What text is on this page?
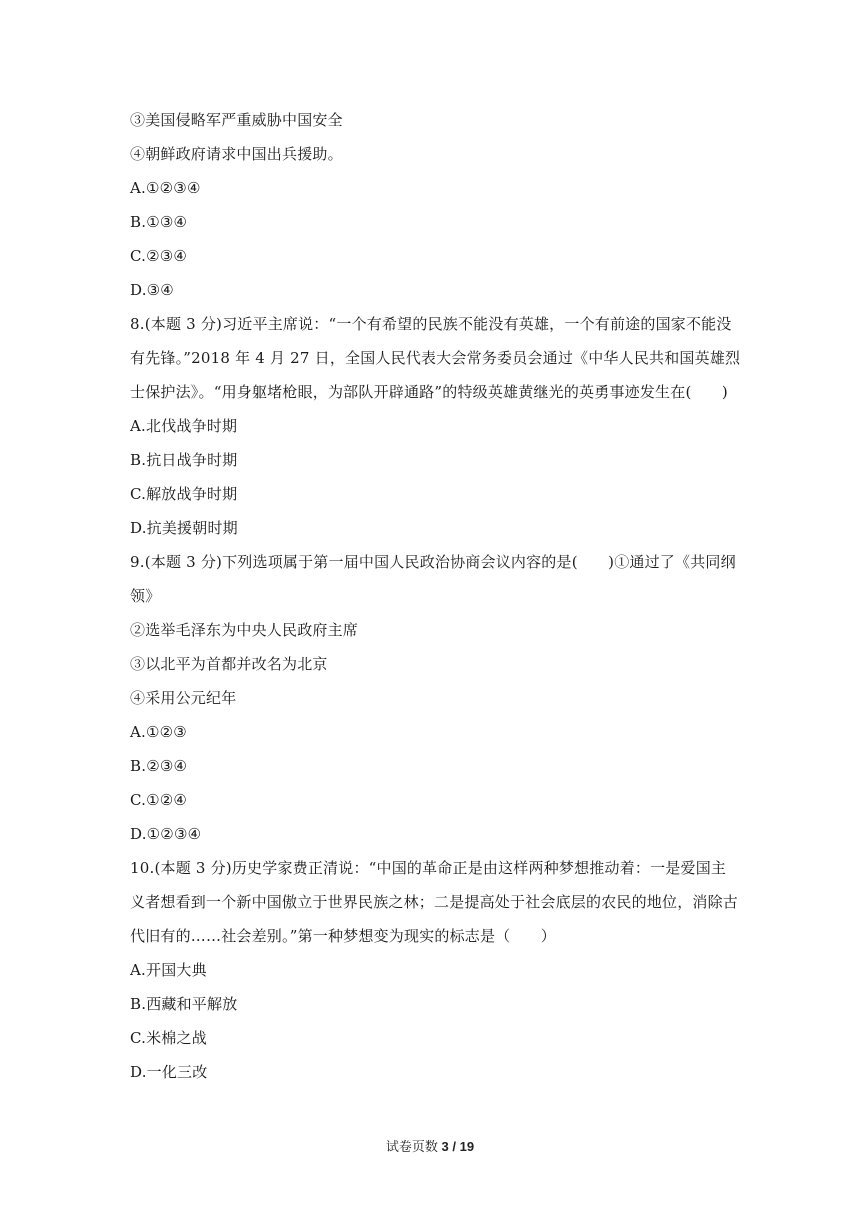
③美国侵略军严重威胁中国安全
④朝鲜政府请求中国出兵援助。
A.①②③④
B.①③④
C.②③④
D.③④
8.(本题 3 分)习近平主席说：“一个有希望的民族不能没有英雄，一个有前途的国家不能没
有先锋。”2018 年 4 月 27 日，全国人民代表大会常务委员会通过《中华人民共和国英雄烈
士保护法》。“用身躯堵枪眼，为部队开辟通路”的特级英雄黄继光的英勇事迹发生在(　　)
A.北伐战争时期
B.抗日战争时期
C.解放战争时期
D.抗美援朝时期
9.(本题 3 分)下列选项属于第一届中国人民政治协商会议内容的是(　　)①通过了《共同纲
领》
②选举毛泽东为中央人民政府主席
③以北平为首都并改名为北京
④采用公元纪年
A.①②③
B.②③④
C.①②④
D.①②③④
10.(本题 3 分)历史学家费正清说：“中国的革命正是由这样两种梦想推动着：一是爱国主
义者想看到一个新中国傲立于世界民族之林；二是提高处于社会底层的农民的地位，消除古
代旧有的……社会差别。”第一种梦想变为现实的标志是（　　）
A.开国大典
B.西藏和平解放
C.米棉之战
D.一化三改
试卷页数 3 / 19
